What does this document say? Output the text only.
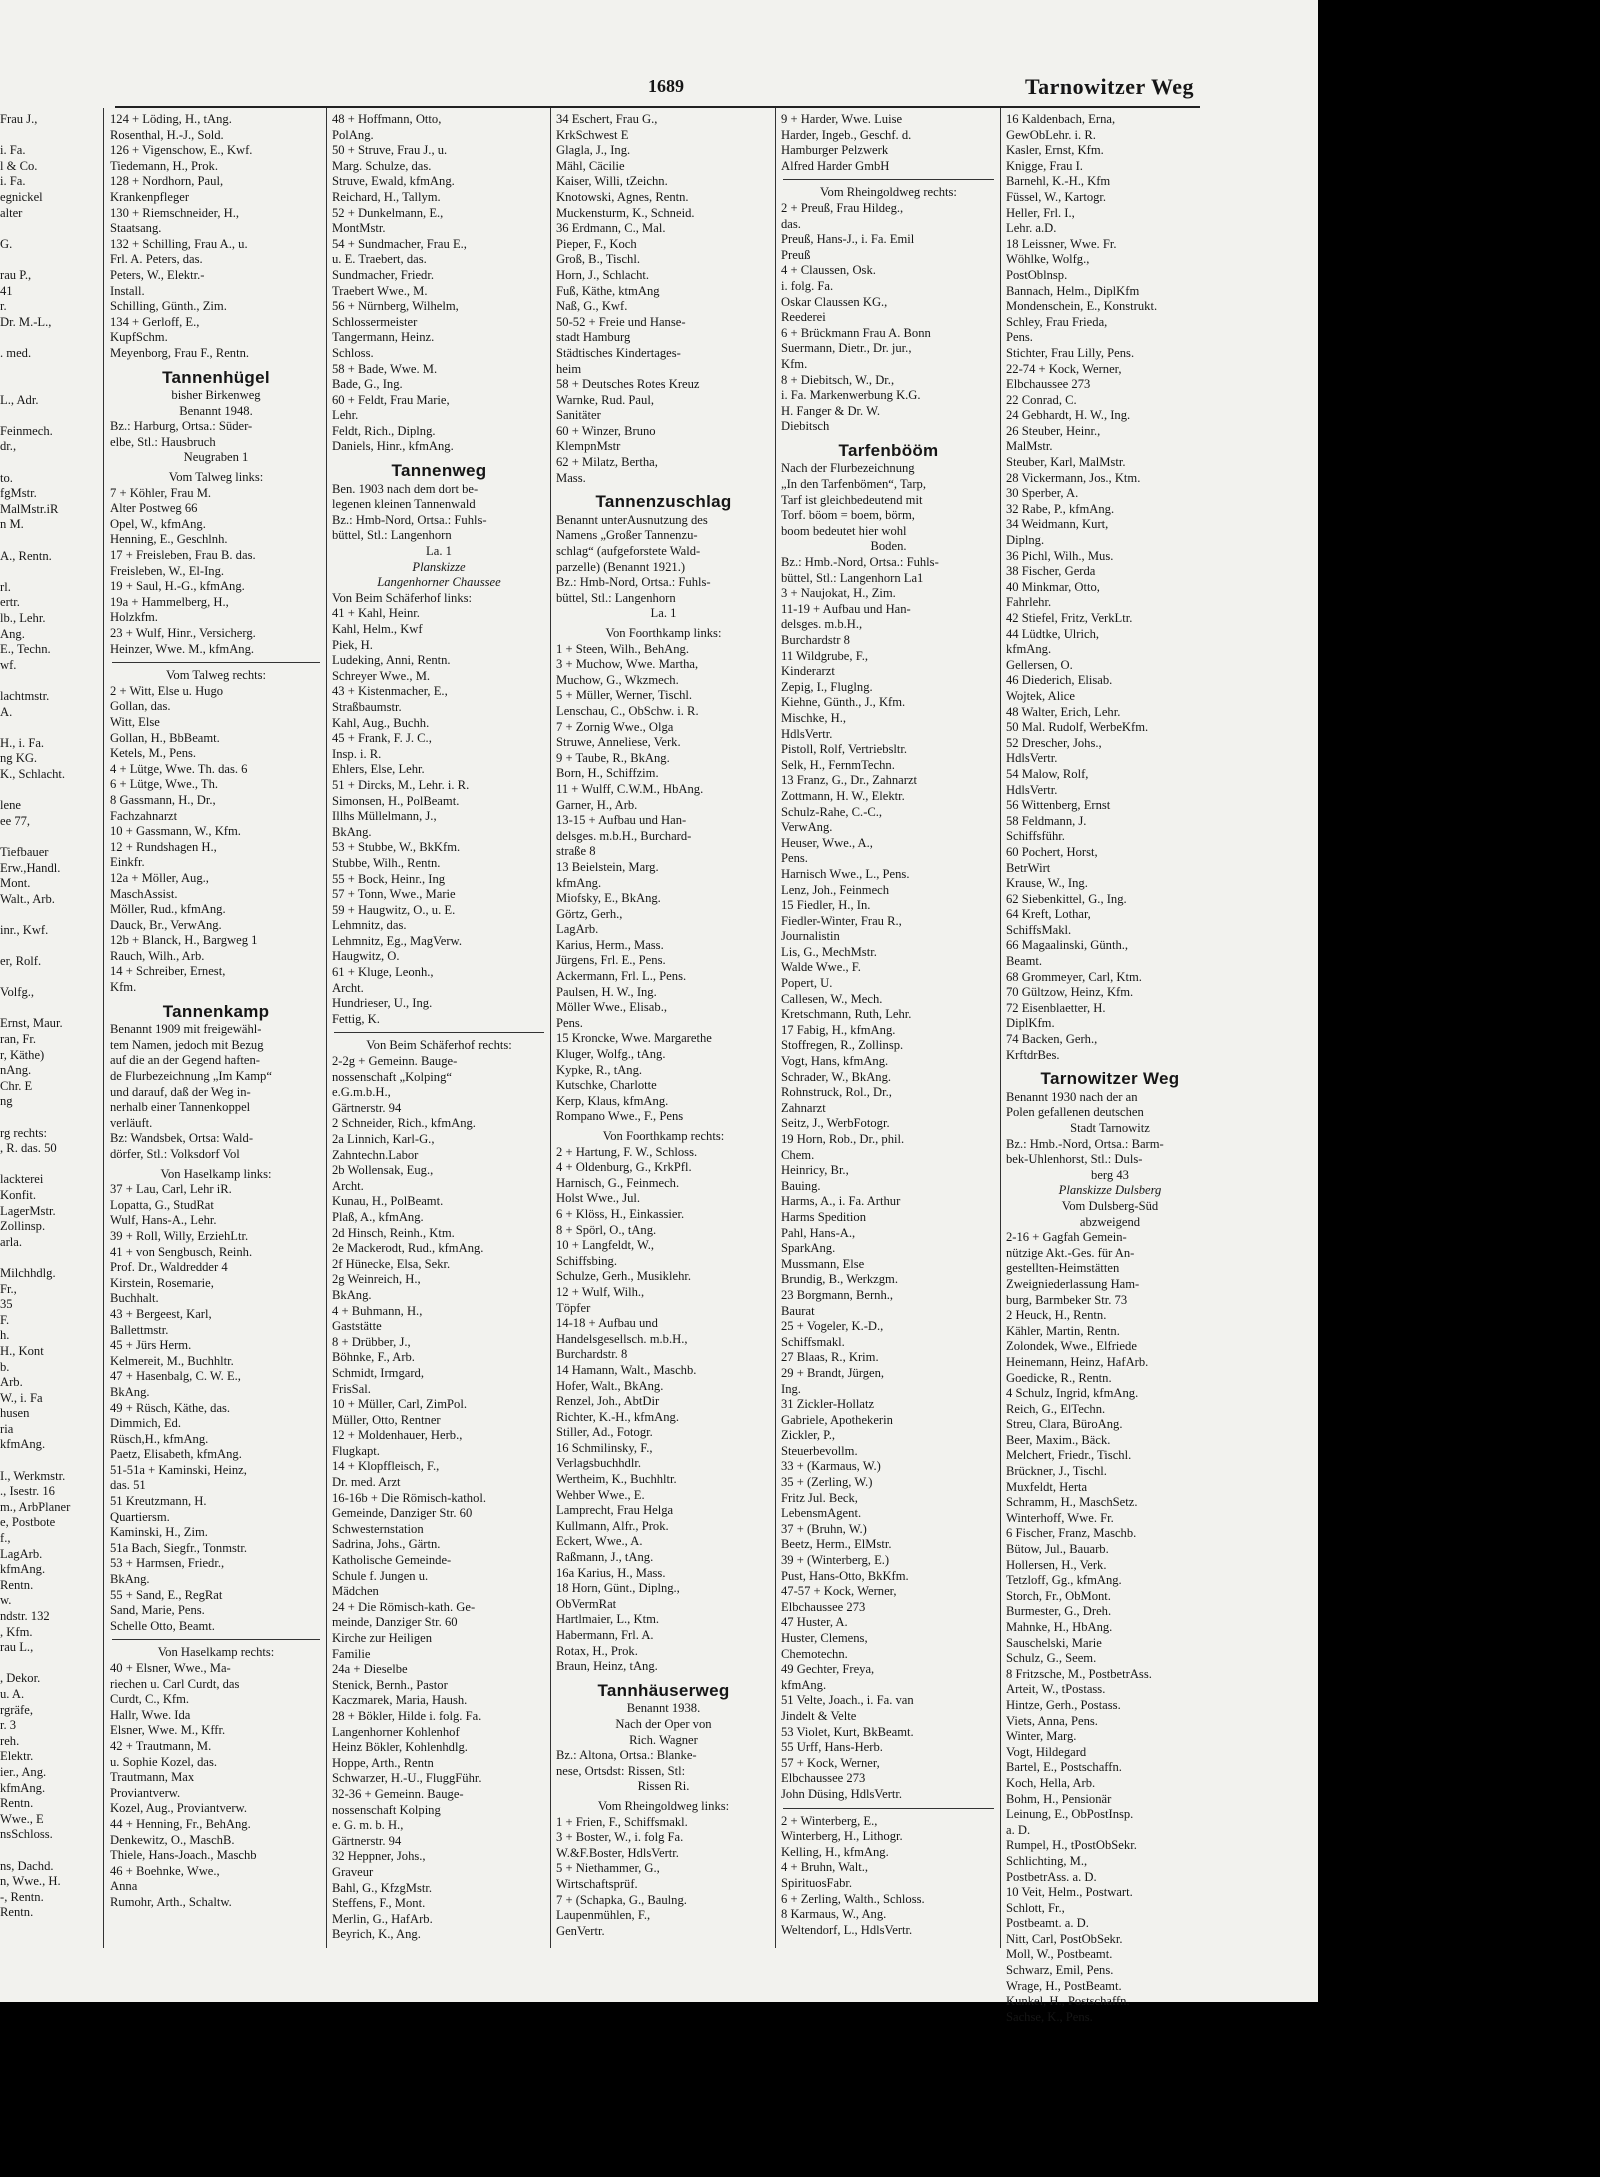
1689	Tarnowitzer Weg

Frau J.,

i. Fa.

l & Co.

i. Fa.

egnickel

alter

G.

rau P.,

41

r.

Dr. M.-L.,

. med.

L., Adr.

Feinmech.

dr.,

to.

fgMstr.

MalMstr.iR

n M.

A., Rentn.

rl.

ertr.

lb., Lehr.

Ang.

E., Techn.

wf.

lachtmstr.

A.

H., i. Fa.

ng KG.

K., Schlacht.

lene

ee 77,

Tiefbauer

Erw.,Handl.

Mont.

Walt., Arb.

inr., Kwf.

er, Rolf.

Volfg.,

Ernst, Maur.

ran, Fr.

r, Käthe)

nAng.

Chr. E

ng

rg rechts:

, R. das. 50

lackterei

Konfit.

LagerMstr.

Zollinsp.

arla.

Milchhdlg.

Fr.,

35

F.

h.

H., Kont

b.

Arb.

W., i. Fa

husen

ria

kfmAng.

I., Werkmstr.

., Isestr. 16

m., ArbPlaner

e, Postbote

f.,

LagArb.

kfmAng.

Rentn.

w.

ndstr. 132

, Kfm.

rau L.,

, Dekor.

u. A.

rgräfe,

r. 3

reh.

Elektr.

ier., Ang.

kfmAng.

Rentn.

Wwe., E

nsSchloss.

ns, Dachd.

n, Wwe., H.

-, Rentn.

Rentn.

124 + Löding, H., tAng.

Rosenthal, H.-J., Sold.

126 + Vigenschow, E., Kwf.

Tiedemann, H., Prok.

128 + Nordhorn, Paul,

Krankenpfleger

130 + Riemschneider, H.,

Staatsang.

132 + Schilling, Frau A., u.

Frl. A. Peters, das.

Peters, W., Elektr.-

Install.

Schilling, Günth., Zim.

134 + Gerloff, E.,

KupfSchm.

Meyenborg, Frau F., Rentn.

Tannenhügel

bisher Birkenweg

Benannt 1948.

Bz.: Harburg, Ortsa.: Süder-

elbe, Stl.: Hausbruch

Neugraben 1

Vom Talweg links:

7 + Köhler, Frau M.

Alter Postweg 66

Opel, W., kfmAng.

Henning, E., Geschlnh.

17 + Freisleben, Frau B. das.

Freisleben, W., El-Ing.

19 + Saul, H.-G., kfmAng.

19a + Hammelberg, H.,

Holzkfm.

23 + Wulf, Hinr., Versicherg.

Heinzer, Wwe. M., kfmAng.

Vom Talweg rechts:

2 + Witt, Else u. Hugo

Gollan, das.

Witt, Else

Gollan, H., BbBeamt.

Ketels, M., Pens.

4 + Lütge, Wwe. Th. das. 6

6 + Lütge, Wwe., Th.

8 Gassmann, H., Dr.,

Fachzahnarzt

10 + Gassmann, W., Kfm.

12 + Rundshagen H.,

Einkfr.

12a + Möller, Aug.,

MaschAssist.

Möller, Rud., kfmAng.

Dauck, Br., VerwAng.

12b + Blanck, H., Bargweg 1

Rauch, Wilh., Arb.

14 + Schreiber, Ernest,

Kfm.

Tannenkamp

Benannt 1909 mit freigewähl-

tem Namen, jedoch mit Bezug

auf die an der Gegend haften-

de Flurbezeichnung „Im Kamp“

und darauf, daß der Weg in-

nerhalb einer Tannenkoppel

verläuft.

Bz: Wandsbek, Ortsa: Wald-

dörfer, Stl.: Volksdorf Vol

Von Haselkamp links:

37 + Lau, Carl, Lehr iR.

Lopatta, G., StudRat

Wulf, Hans-A., Lehr.

39 + Roll, Willy, ErziehLtr.

41 + von Sengbusch, Reinh.

Prof. Dr., Waldredder 4

Kirstein, Rosemarie,

Buchhalt.

43 + Bergeest, Karl,

Ballettmstr.

45 + Jürs Herm.

Kelmereit, M., Buchhltr.

47 + Hasenbalg, C. W. E.,

BkAng.

49 + Rüsch, Käthe, das.

Dimmich, Ed.

Rüsch,H., kfmAng.

Paetz, Elisabeth, kfmAng.

51-51a + Kaminski, Heinz,

das. 51

51 Kreutzmann, H.

Quartiersm.

Kaminski, H., Zim.

51a Bach, Siegfr., Tonmstr.

53 + Harmsen, Friedr.,

BkAng.

55 + Sand, E., RegRat

Sand, Marie, Pens.

Schelle Otto, Beamt.

Von Haselkamp rechts:

40 + Elsner, Wwe., Ma-

riechen u. Carl Curdt, das

Curdt, C., Kfm.

Hallr, Wwe. Ida

Elsner, Wwe. M., Kffr.

42 + Trautmann, M.

u. Sophie Kozel, das.

Trautmann, Max

Proviantverw.

Kozel, Aug., Proviantverw.

44 + Henning, Fr., BehAng.

Denkewitz, O., MaschB.

Thiele, Hans-Joach., Maschb

46 + Boehnke, Wwe.,

Anna

Rumohr, Arth., Schaltw.

48 + Hoffmann, Otto,

PolAng.

50 + Struve, Frau J., u.

Marg. Schulze, das.

Struve, Ewald, kfmAng.

Reichard, H., Tallym.

52 + Dunkelmann, E.,

MontMstr.

54 + Sundmacher, Frau E.,

u. E. Traebert, das.

Sundmacher, Friedr.

Traebert Wwe., M.

56 + Nürnberg, Wilhelm,

Schlossermeister

Tangermann, Heinz.

Schloss.

58 + Bade, Wwe. M.

Bade, G., Ing.

60 + Feldt, Frau Marie,

Lehr.

Feldt, Rich., Diplng.

Daniels, Hinr., kfmAng.

Tannenweg

Ben. 1903 nach dem dort be-

legenen kleinen Tannenwald

Bz.: Hmb-Nord, Ortsa.: Fuhls-

büttel, Stl.: Langenhorn

La. 1

Planskizze

Langenhorner Chaussee

Von Beim Schäferhof links:

41 + Kahl, Heinr.

Kahl, Helm., Kwf

Piek, H.

Ludeking, Anni, Rentn.

Schreyer Wwe., M.

43 + Kistenmacher, E.,

Straßbaumstr.

Kahl, Aug., Buchh.

45 + Frank, F. J. C.,

Insp. i. R.

Ehlers, Else, Lehr.

51 + Dircks, M., Lehr. i. R.

Simonsen, H., PolBeamt.

Illhs Müllelmann, J.,

BkAng.

53 + Stubbe, W., BkKfm.

Stubbe, Wilh., Rentn.

55 + Bock, Heinr., Ing

57 + Tonn, Wwe., Marie

59 + Haugwitz, O., u. E.

Lehmnitz, das.

Lehmnitz, Eg., MagVerw.

Haugwitz, O.

61 + Kluge, Leonh.,

Archt.

Hundrieser, U., Ing.

Fettig, K.

Von Beim Schäferhof rechts:

2-2g + Gemeinn. Bauge-

nossenschaft „Kolping“

e.G.m.b.H.,

Gärtnerstr. 94

2 Schneider, Rich., kfmAng.

2a Linnich, Karl-G.,

Zahntechn.Labor

2b Wollensak, Eug.,

Archt.

Kunau, H., PolBeamt.

Plaß, A., kfmAng.

2d Hinsch, Reinh., Ktm.

2e Mackerodt, Rud., kfmAng.

2f Hünecke, Elsa, Sekr.

2g Weinreich, H.,

BkAng.

4 + Buhmann, H.,

Gaststätte

8 + Drübber, J.,

Böhnke, F., Arb.

Schmidt, Irmgard,

FrisSal.

10 + Müller, Carl, ZimPol.

Müller, Otto, Rentner

12 + Moldenhauer, Herb.,

Flugkapt.

14 + Klopffleisch, F.,

Dr. med. Arzt

16-16b + Die Römisch-kathol.

Gemeinde, Danziger Str. 60

Schwesternstation

Sadrina, Johs., Gärtn.

Katholische Gemeinde-

Schule f. Jungen u.

Mädchen

24 + Die Römisch-kath. Ge-

meinde, Danziger Str. 60

Kirche zur Heiligen

Familie

24a + Dieselbe

Stenick, Bernh., Pastor

Kaczmarek, Maria, Haush.

28 + Bökler, Hilde i. folg. Fa.

Langenhorner Kohlenhof

Heinz Bökler, Kohlenhdlg.

Hoppe, Arth., Rentn

Schwarzer, H.-U., FluggFühr.

32-36 + Gemeinn. Bauge-

nossenschaft Kolping

e. G. m. b. H.,

Gärtnerstr. 94

32 Heppner, Johs.,

Graveur

Bahl, G., KfzgMstr.

Steffens, F., Mont.

Merlin, G., HafArb.

Beyrich, K., Ang.

34 Eschert, Frau G.,

KrkSchwest E

Glagla, J., Ing.

Mähl, Cäcilie

Kaiser, Willi, tZeichn.

Knotowski, Agnes, Rentn.

Muckensturm, K., Schneid.

36 Erdmann, C., Mal.

Pieper, F., Koch

Groß, B., Tischl.

Horn, J., Schlacht.

Fuß, Käthe, ktmAng

Naß, G., Kwf.

50-52 + Freie und Hanse-

stadt Hamburg

Städtisches Kindertages-

heim

58 + Deutsches Rotes Kreuz

Warnke, Rud. Paul,

Sanitäter

60 + Winzer, Bruno

KlempnMstr

62 + Milatz, Bertha,

Mass.

Tannenzuschlag

Benannt unterAusnutzung des

Namens „Großer Tannenzu-

schlag“ (aufgeforstete Wald-

parzelle) (Benannt 1921.)

Bz.: Hmb-Nord, Ortsa.: Fuhls-

büttel, Stl.: Langenhorn

La. 1

Von Foorthkamp links:

1 + Steen, Wilh., BehAng.

3 + Muchow, Wwe. Martha,

Muchow, G., Wkzmech.

5 + Müller, Werner, Tischl.

Lenschau, C., ObSchw. i. R.

7 + Zornig Wwe., Olga

Struwe, Anneliese, Verk.

9 + Taube, R., BkAng.

Born, H., Schiffzim.

11 + Wulff, C.W.M., HbAng.

Garner, H., Arb.

13-15 + Aufbau und Han-

delsges. m.b.H., Burchard-

straße 8

13 Beielstein, Marg.

kfmAng.

Miofsky, E., BkAng.

Görtz, Gerh.,

LagArb.

Karius, Herm., Mass.

Jürgens, Frl. E., Pens.

Ackermann, Frl. L., Pens.

Paulsen, H. W., Ing.

Möller Wwe., Elisab.,

Pens.

15 Kroncke, Wwe. Margarethe

Kluger, Wolfg., tAng.

Kypke, R., tAng.

Kutschke, Charlotte

Kerp, Klaus, kfmAng.

Rompano Wwe., F., Pens

Von Foorthkamp rechts:

2 + Hartung, F. W., Schloss.

4 + Oldenburg, G., KrkPfl.

Harnisch, G., Feinmech.

Holst Wwe., Jul.

6 + Klöss, H., Einkassier.

8 + Spörl, O., tAng.

10 + Langfeldt, W.,

Schiffsbing.

Schulze, Gerh., Musiklehr.

12 + Wulf, Wilh.,

Töpfer

14-18 + Aufbau und

Handelsgesellsch. m.b.H.,

Burchardstr. 8

14 Hamann, Walt., Maschb.

Hofer, Walt., BkAng.

Renzel, Joh., AbtDir

Richter, K.-H., kfmAng.

Stiller, Ad., Fotogr.

16 Schmilinsky, F.,

Verlagsbuchhdlr.

Wertheim, K., Buchhltr.

Wehber Wwe., E.

Lamprecht, Frau Helga

Kullmann, Alfr., Prok.

Eckert, Wwe., A.

Raßmann, J., tAng.

16a Karius, H., Mass.

18 Horn, Günt., Diplng.,

ObVermRat

Hartlmaier, L., Ktm.

Habermann, Frl. A.

Rotax, H., Prok.

Braun, Heinz, tAng.

Tannhäuserweg

Benannt 1938.

Nach der Oper von

Rich. Wagner

Bz.: Altona, Ortsa.: Blanke-

nese, Ortsdst: Rissen, Stl:

Rissen Ri.

Vom Rheingoldweg links:

1 + Frien, F., Schiffsmakl.

3 + Boster, W., i. folg Fa.

W.&F.Boster, HdlsVertr.

5 + Niethammer, G.,

Wirtschaftsprüf.

7 + (Schapka, G., Baulng.

Laupenmühlen, F.,

GenVertr.

9 + Harder, Wwe. Luise

Harder, Ingeb., Geschf. d.

Hamburger Pelzwerk

Alfred Harder GmbH

Vom Rheingoldweg rechts:

2 + Preuß, Frau Hildeg.,

das.

Preuß, Hans-J., i. Fa. Emil

Preuß

4 + Claussen, Osk.

i. folg. Fa.

Oskar Claussen KG.,

Reederei

6 + Brückmann Frau A. Bonn

Suermann, Dietr., Dr. jur.,

Kfm.

8 + Diebitsch, W., Dr.,

i. Fa. Markenwerbung K.G.

H. Fanger & Dr. W.

Diebitsch

Tarfenbööm

Nach der Flurbezeichnung

„In den Tarfenbömen“, Tarp,

Tarf ist gleichbedeutend mit

Torf. böom = boem, börm,

boom bedeutet hier wohl

Boden.

Bz.: Hmb.-Nord, Ortsa.: Fuhls-

büttel, Stl.: Langenhorn La1

3 + Naujokat, H., Zim.

11-19 + Aufbau und Han-

delsges. m.b.H.,

Burchardstr 8

11 Wildgrube, F.,

Kinderarzt

Zepig, I., Fluglng.

Kiehne, Günth., J., Kfm.

Mischke, H.,

HdlsVertr.

Pistoll, Rolf, Vertriebsltr.

Selk, H., FernmTechn.

13 Franz, G., Dr., Zahnarzt

Zottmann, H. W., Elektr.

Schulz-Rahe, C.-C.,

VerwAng.

Heuser, Wwe., A.,

Pens.

Harnisch Wwe., L., Pens.

Lenz, Joh., Feinmech

15 Fiedler, H., In.

Fiedler-Winter, Frau R.,

Journalistin

Lis, G., MechMstr.

Walde Wwe., F.

Popert, U.

Callesen, W., Mech.

Kretschmann, Ruth, Lehr.

17 Fabig, H., kfmAng.

Stoffregen, R., Zollinsp.

Vogt, Hans, kfmAng.

Schrader, W., BkAng.

Rohnstruck, Rol., Dr.,

Zahnarzt

Seitz, J., WerbFotogr.

19 Horn, Rob., Dr., phil.

Chem.

Heinricy, Br.,

Bauing.

Harms, A., i. Fa. Arthur

Harms Spedition

Pahl, Hans-A.,

SparkAng.

Mussmann, Else

Brundig, B., Werkzgm.

23 Borgmann, Bernh.,

Baurat

25 + Vogeler, K.-D.,

Schiffsmakl.

27 Blaas, R., Krim.

29 + Brandt, Jürgen,

Ing.

31 Zickler-Hollatz

Gabriele, Apothekerin

Zickler, P.,

Steuerbevollm.

33 + (Karmaus, W.)

35 + (Zerling, W.)

Fritz Jul. Beck,

LebensmAgent.

37 + (Bruhn, W.)

Beetz, Herm., ElMstr.

39 + (Winterberg, E.)

Pust, Hans-Otto, BkKfm.

47-57 + Kock, Werner,

Elbchaussee 273

47 Huster, A.

Huster, Clemens,

Chemotechn.

49 Gechter, Freya,

kfmAng.

51 Velte, Joach., i. Fa. van

Jindelt & Velte

53 Violet, Kurt, BkBeamt.

55 Urff, Hans-Herb.

57 + Kock, Werner,

Elbchaussee 273

John Düsing, HdlsVertr.

2 + Winterberg, E.,

Winterberg, H., Lithogr.

Kelling, H., kfmAng.

4 + Bruhn, Walt.,

SpirituosFabr.

6 + Zerling, Walth., Schloss.

8 Karmaus, W., Ang.

Weltendorf, L., HdlsVertr.

16 Kaldenbach, Erna,

GewObLehr. i. R.

Kasler, Ernst, Kfm.

Knigge, Frau I.

Barnehl, K.-H., Kfm

Füssel, W., Kartogr.

Heller, Frl. I.,

Lehr. a.D.

18 Leissner, Wwe. Fr.

Wöhlke, Wolfg.,

PostOblnsp.

Bannach, Helm., DiplKfm

Mondenschein, E., Konstrukt.

Schley, Frau Frieda,

Pens.

Stichter, Frau Lilly, Pens.

22-74 + Kock, Werner,

Elbchaussee 273

22 Conrad, C.

24 Gebhardt, H. W., Ing.

26 Steuber, Heinr.,

MalMstr.

Steuber, Karl, MalMstr.

28 Vickermann, Jos., Ktm.

30 Sperber, A.

32 Rabe, P., kfmAng.

34 Weidmann, Kurt,

Diplng.

36 Pichl, Wilh., Mus.

38 Fischer, Gerda

40 Minkmar, Otto,

Fahrlehr.

42 Stiefel, Fritz, VerkLtr.

44 Lüdtke, Ulrich,

kfmAng.

Gellersen, O.

46 Diederich, Elisab.

Wojtek, Alice

48 Walter, Erich, Lehr.

50 Mal. Rudolf, WerbeKfm.

52 Drescher, Johs.,

HdlsVertr.

54 Malow, Rolf,

HdlsVertr.

56 Wittenberg, Ernst

58 Feldmann, J.

Schiffsführ.

60 Pochert, Horst,

BetrWirt

Krause, W., Ing.

62 Siebenkittel, G., Ing.

64 Kreft, Lothar,

SchiffsMakl.

66 Magaalinski, Günth.,

Beamt.

68 Grommeyer, Carl, Ktm.

70 Gültzow, Heinz, Kfm.

72 Eisenblaetter, H.

DiplKfm.

74 Backen, Gerh.,

KrftdrBes.

Tarnowitzer Weg

Benannt 1930 nach der an

Polen gefallenen deutschen

Stadt Tarnowitz

Bz.: Hmb.-Nord, Ortsa.: Barm-

bek-Uhlenhorst, Stl.: Duls-

berg 43

Planskizze Dulsberg

Vom Dulsberg-Süd

abzweigend

2-16 + Gagfah Gemein-

nützige Akt.-Ges. für An-

gestellten-Heimstätten

Zweigniederlassung Ham-

burg, Barmbeker Str. 73

2 Heuck, H., Rentn.

Kähler, Martin, Rentn.

Zolondek, Wwe., Elfriede

Heinemann, Heinz, HafArb.

Goedicke, R., Rentn.

4 Schulz, Ingrid, kfmAng.

Reich, G., ElTechn.

Streu, Clara, BüroAng.

Beer, Maxim., Bäck.

Melchert, Friedr., Tischl.

Brückner, J., Tischl.

Muxfeldt, Herta

Schramm, H., MaschSetz.

Winterhoff, Wwe. Fr.

6 Fischer, Franz, Maschb.

Bütow, Jul., Bauarb.

Hollersen, H., Verk.

Tetzloff, Gg., kfmAng.

Storch, Fr., ObMont.

Burmester, G., Dreh.

Mahnke, H., HbAng.

Sauschelski, Marie

Schulz, G., Seem.

8 Fritzsche, M., PostbetrAss.

Arteit, W., tPostass.

Hintze, Gerh., Postass.

Viets, Anna, Pens.

Winter, Marg.

Vogt, Hildegard

Bartel, E., Postschaffn.

Koch, Hella, Arb.

Bohm, H., Pensionär

Leinung, E., ObPostInsp.

a. D.

Rumpel, H., tPostObSekr.

Schlichting, M.,

PostbetrAss. a. D.

10 Veit, Helm., Postwart.

Schlott, Fr.,

Postbeamt. a. D.

Nitt, Carl, PostObSekr.

Moll, W., Postbeamt.

Schwarz, Emil, Pens.

Wrage, H., PostBeamt.

Kunkel, H., Postschaffn.

Sachse, K., Pens.
